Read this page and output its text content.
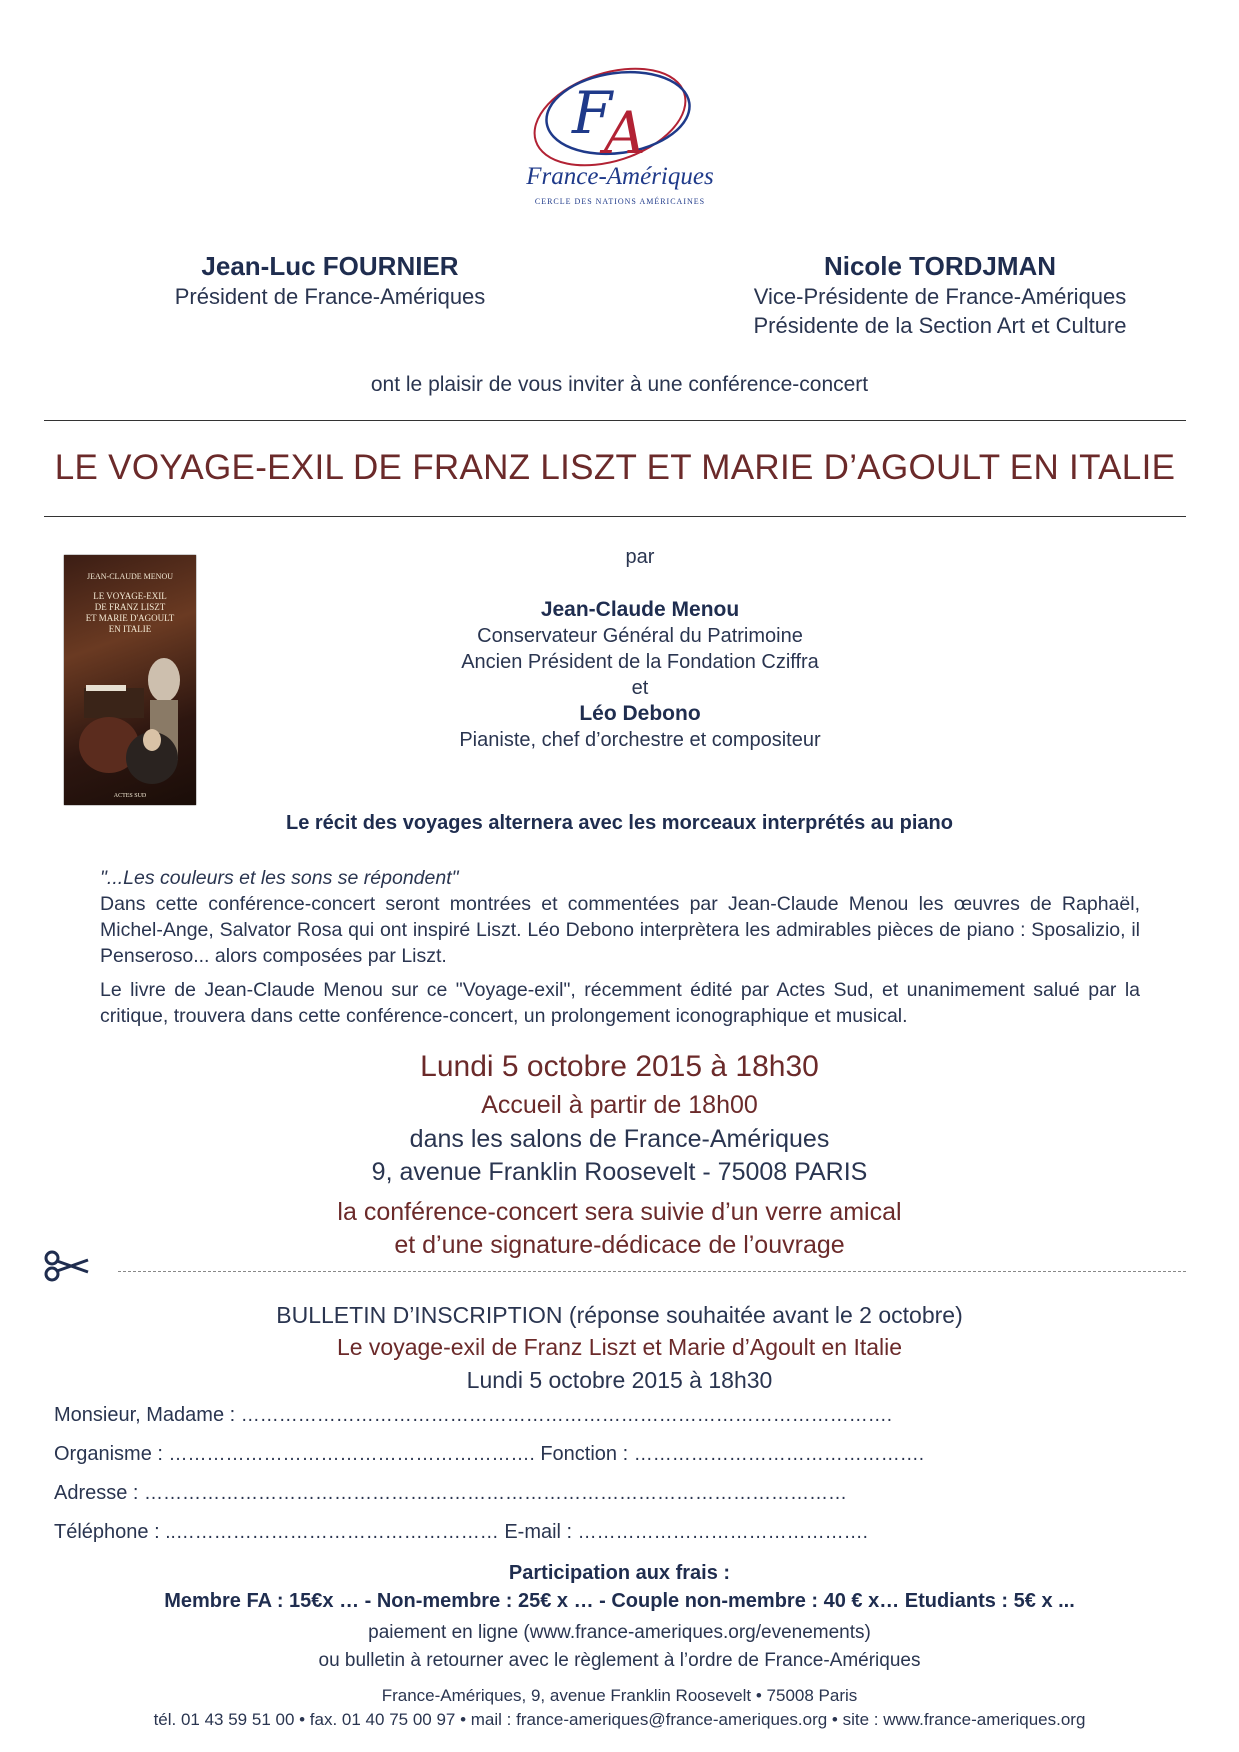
F
A
France-Amériques
CERCLE DES NATIONS AMÉRICAINES
Jean-Luc FOURNIER
Président de France-Amériques
Nicole TORDJMAN
Vice-Présidente de France-Amériques
Présidente de la Section Art et Culture
ont le plaisir de vous inviter à une conférence-concert
LE VOYAGE-EXIL DE FRANZ LISZT ET MARIE D’AGOULT EN ITALIE
JEAN-CLAUDE MENOU
LE VOYAGE-EXIL
DE FRANZ LISZT
ET MARIE D'AGOULT
EN ITALIE
ACTES SUD
par
Jean-Claude Menou
Conservateur Général du Patrimoine
Ancien Président de la Fondation Cziffra
et
Léo Debono
Pianiste, chef d’orchestre et compositeur
Le récit des voyages alternera avec les morceaux interprétés au piano
"...Les couleurs et les sons se répondent"
Dans cette conférence-concert seront montrées et commentées par Jean-Claude Menou les œuvres de Raphaël, Michel-Ange, Salvator Rosa qui ont inspiré Liszt. Léo Debono interprètera les admirables pièces de piano : Sposalizio, il Penseroso... alors composées par Liszt.
Le livre de Jean-Claude Menou sur ce "Voyage-exil", récemment édité par Actes Sud, et unanimement salué par la critique, trouvera dans cette conférence-concert, un prolongement iconographique et musical.
Lundi 5 octobre 2015 à 18h30
Accueil à partir de 18h00
dans les salons de France-Amériques
9, avenue Franklin Roosevelt - 75008 PARIS
la conférence-concert sera suivie d’un verre amical
et d’une signature-dédicace de l’ouvrage
BULLETIN D’INSCRIPTION (réponse souhaitée avant le 2 octobre)
Le voyage-exil de Franz Liszt et Marie d’Agoult en Italie
Lundi 5 octobre 2015 à 18h30
Monsieur, Madame : ………………………………………………………………………………………….
Organisme : …………………………………………………. Fonction : ……………………………………….
Adresse : …………………………………………………………………………………………………
Téléphone : ..…………………………………………… E-mail : ……………………………………….
Participation aux frais :
Membre FA : 15€x … - Non-membre : 25€ x … - Couple non-membre : 40 € x… Etudiants : 5€ x ...
paiement en ligne (www.france-ameriques.org/evenements)
ou bulletin à retourner avec le règlement à l’ordre de France-Amériques
France-Amériques, 9, avenue Franklin Roosevelt • 75008 Paris
tél. 01 43 59 51 00 • fax. 01 40 75 00 97 • mail : france-ameriques@france-ameriques.org • site : www.france-ameriques.org
